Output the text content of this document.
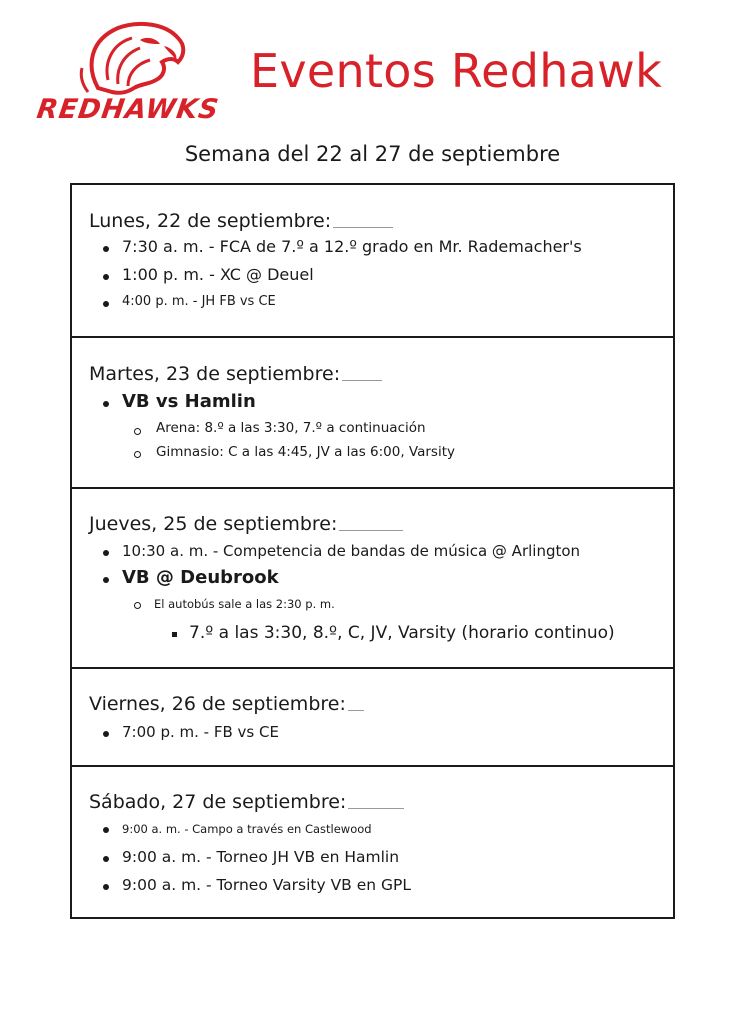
REDHAWKS
Eventos Redhawk
Semana del 22 al 27 de septiembre
Lunes, 22 de septiembre:
7:30 a. m. - FCA de 7.º a 12.º grado en Mr. Rademacher's
1:00 p. m. - XC @ Deuel
4:00 p. m. - JH FB vs CE
Martes, 23 de septiembre:
VB vs Hamlin
Arena: 8.º a las 3:30, 7.º a continuación
Gimnasio: C a las 4:45, JV a las 6:00, Varsity
Jueves, 25 de septiembre:
10:30 a. m. - Competencia de bandas de música @ Arlington
VB @ Deubrook
El autobús sale a las 2:30 p. m.
7.º a las 3:30, 8.º, C, JV, Varsity (horario continuo)
Viernes, 26 de septiembre:
7:00 p. m. - FB vs CE
Sábado, 27 de septiembre:
9:00 a. m. - Campo a través en Castlewood
9:00 a. m. - Torneo JH VB en Hamlin
9:00 a. m. - Torneo Varsity VB en GPL
